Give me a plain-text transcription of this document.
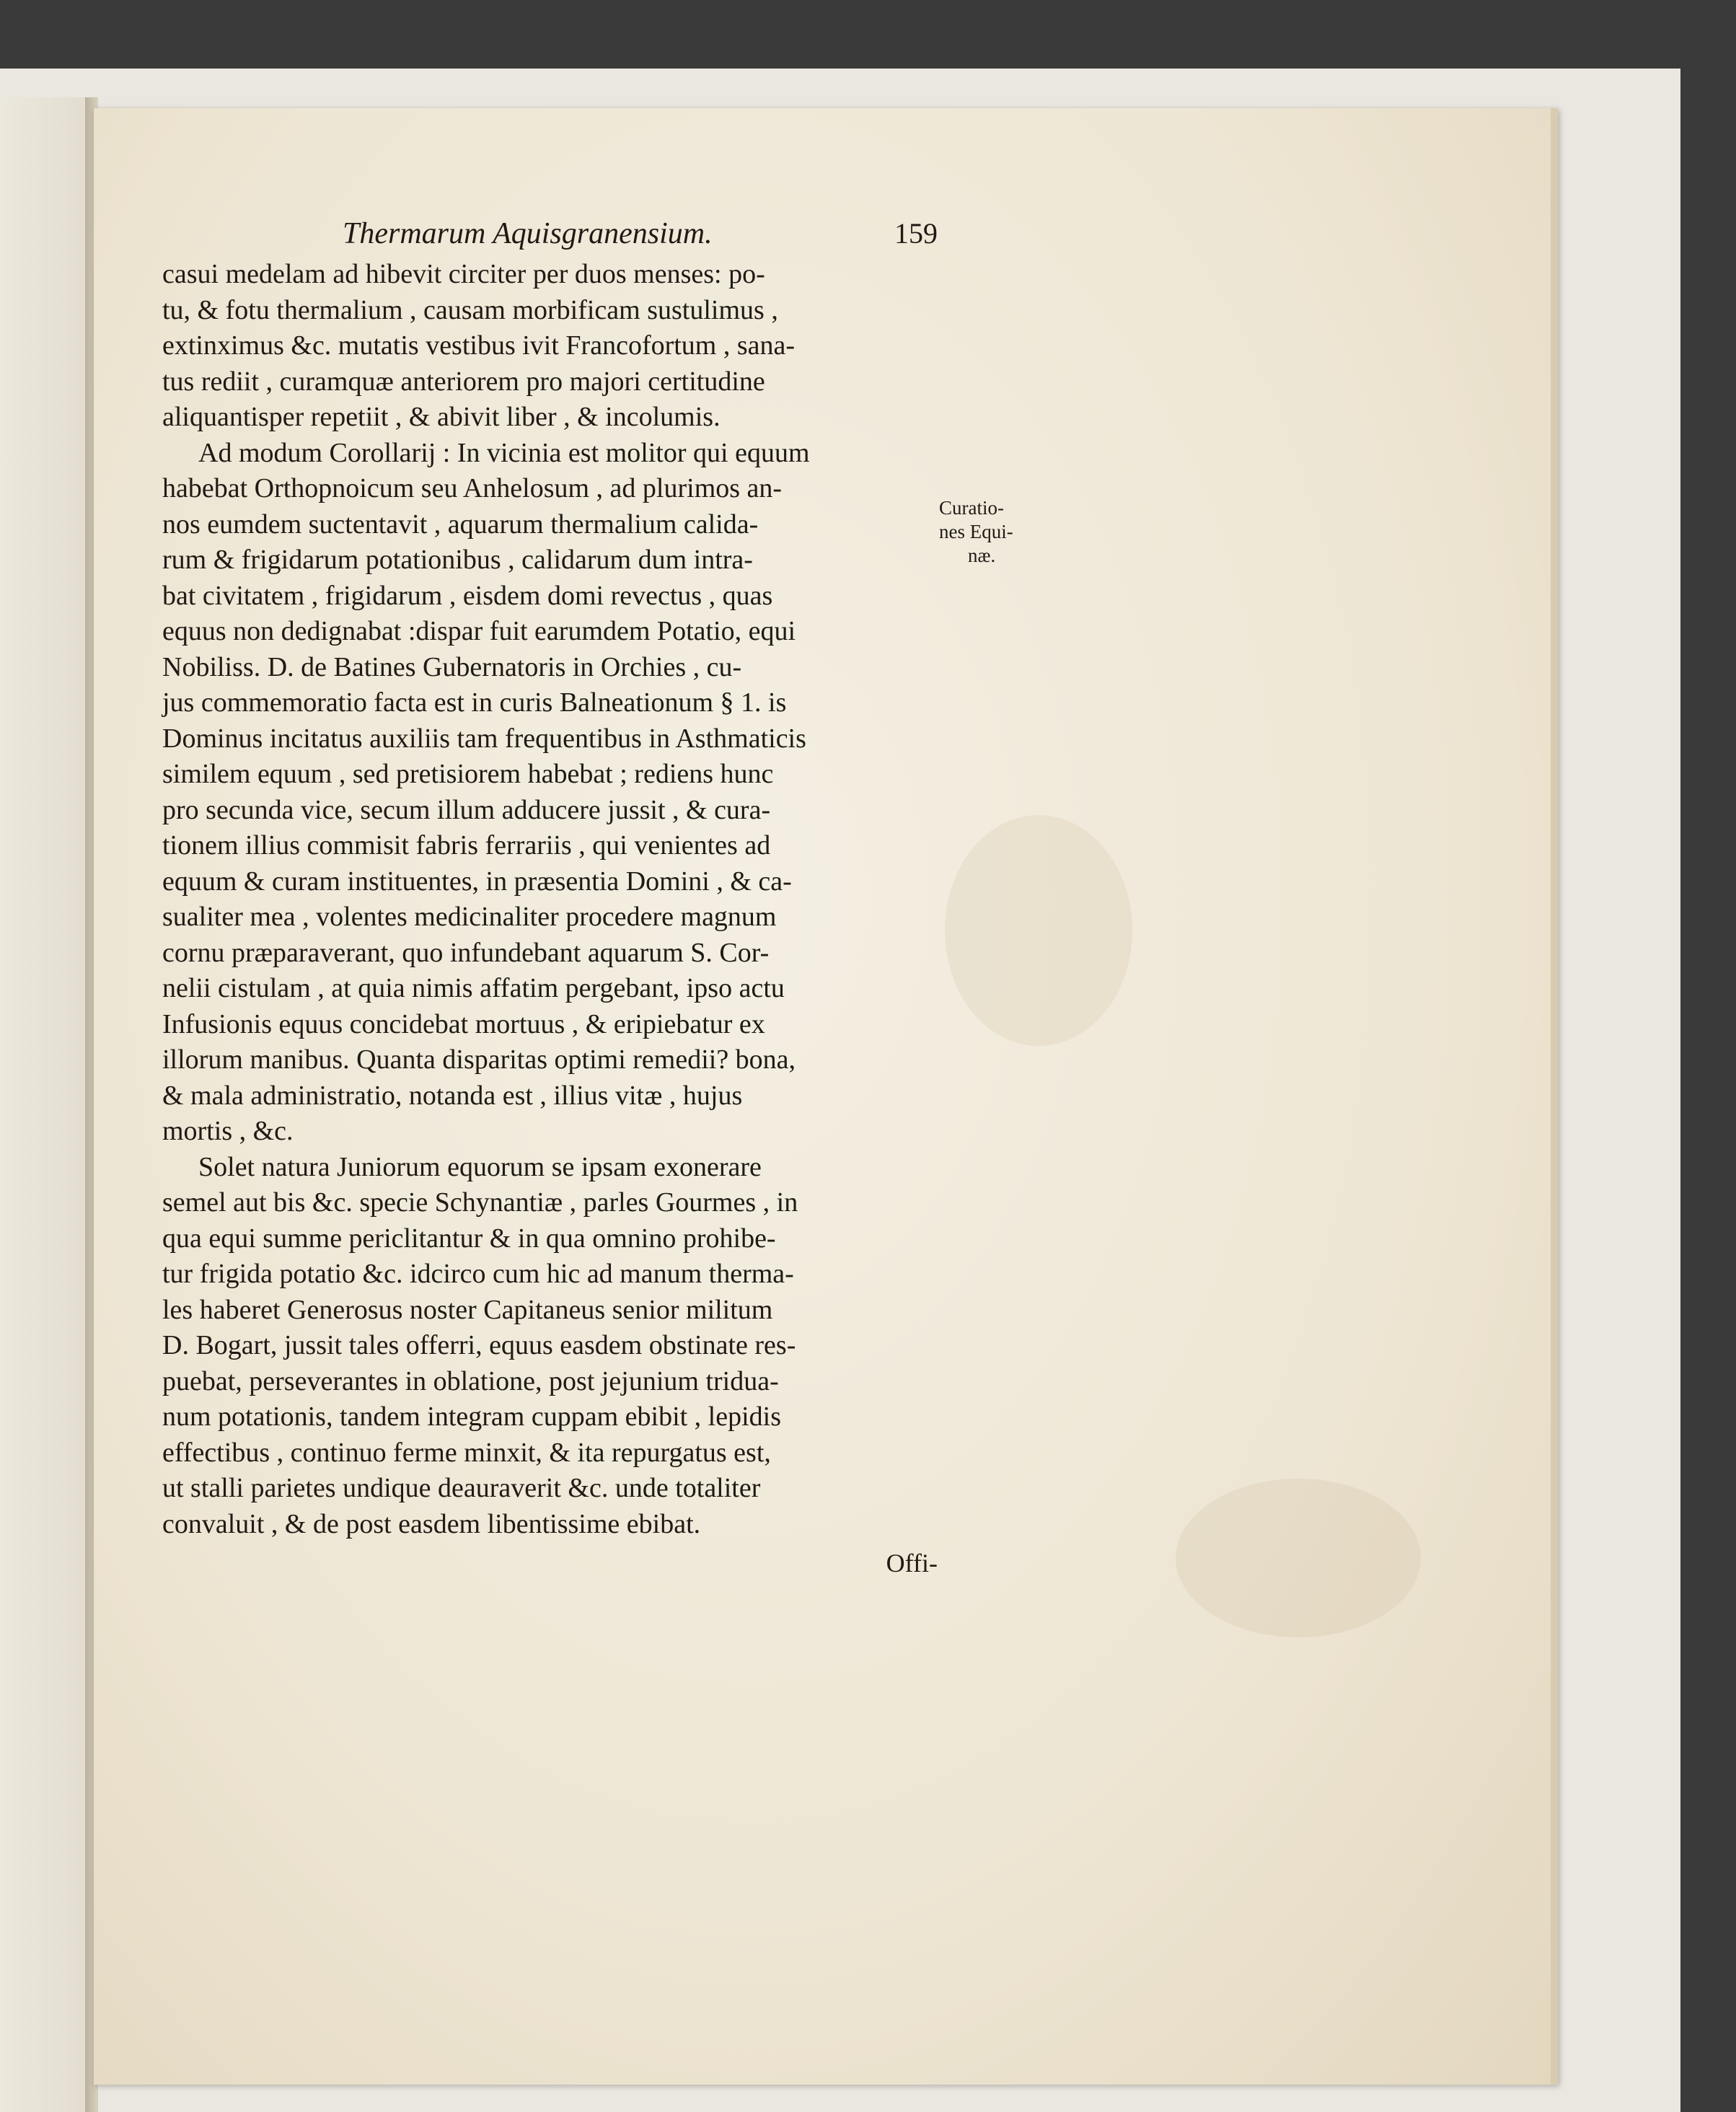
Thermarum Aquisgranensium.	159
casui medelam ad hibevit circiter per duos menses: po-
tu, & fotu thermalium , causam morbificam sustulimus ,
extinximus &c. mutatis vestibus ivit Francofortum , sana-
tus rediit , curamquæ anteriorem pro majori certitudine
aliquantisper repetiit , & abivit liber , & incolumis.
Ad modum Corollarij : In vicinia est molitor qui equum
habebat Orthopnoicum seu Anhelosum , ad plurimos an-
nos eumdem suctentavit , aquarum thermalium calida-
rum & frigidarum potationibus , calidarum dum intra-
bat civitatem , frigidarum , eisdem domi revectus , quas
equus non dedignabat :dispar fuit earumdem Potatio, equi
Nobiliss. D. de Batines Gubernatoris in Orchies , cu-
jus commemoratio facta est in curis Balneationum § 1. is
Dominus incitatus auxiliis tam frequentibus in Asthmaticis
similem equum , sed pretisiorem habebat ; rediens hunc
pro secunda vice, secum illum adducere jussit , & cura-
tionem illius commisit fabris ferrariis , qui venientes ad
equum & curam instituentes, in præsentia Domini , & ca-
sualiter mea , volentes medicinaliter procedere magnum
cornu præparaverant, quo infundebant aquarum S. Cor-
nelii cistulam , at quia nimis affatim pergebant, ipso actu
Infusionis equus concidebat mortuus , & eripiebatur ex
illorum manibus. Quanta disparitas optimi remedii? bona,
& mala administratio, notanda est , illius vitæ , hujus
mortis , &c.
Solet natura Juniorum equorum se ipsam exonerare
semel aut bis &c. specie Schynantiæ , parles Gourmes , in
qua equi summe periclitantur & in qua omnino prohibe-
tur frigida potatio &c. idcirco cum hic ad manum therma-
les haberet Generosus noster Capitaneus senior militum
D. Bogart, jussit tales offerri, equus easdem obstinate res-
puebat, perseverantes in oblatione, post jejunium tridua-
num potationis, tandem integram cuppam ebibit , lepidis
effectibus , continuo ferme minxit, & ita repurgatus est,
ut stalli parietes undique deauraverit &c. unde totaliter
convaluit , & de post easdem libentissime ebibat.
Offi-
Curatio-
nes Equi-
næ.
